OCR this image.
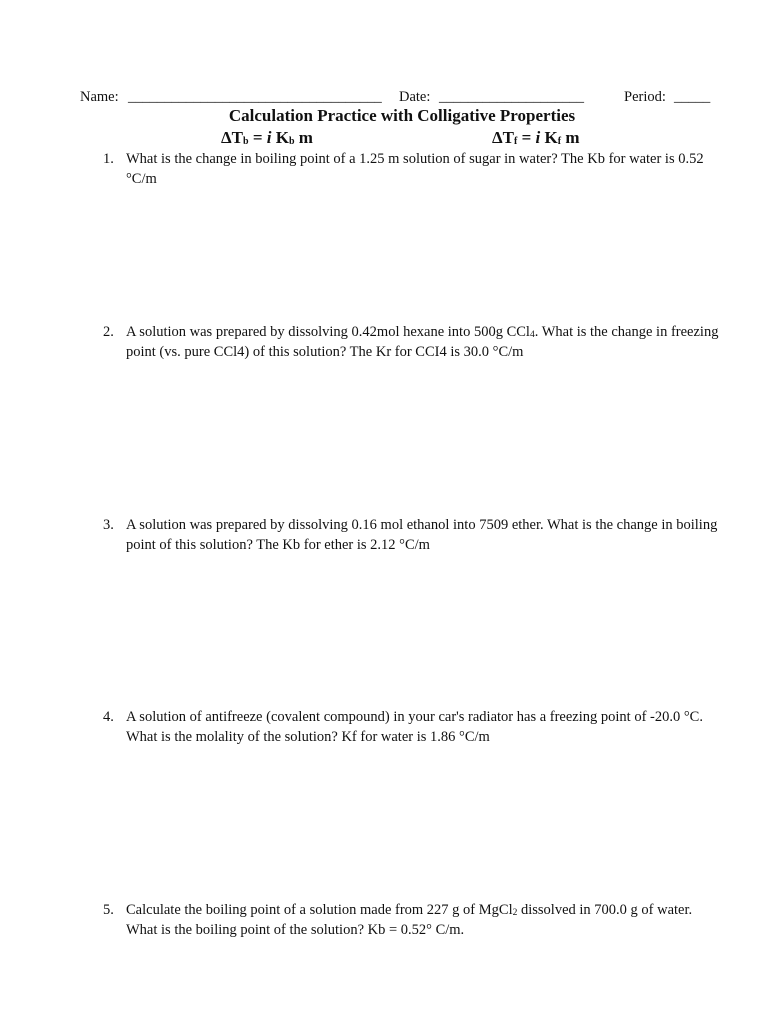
Name: ___________________________________ Date: ____________________	Period: _____
Calculation Practice with Colligative Properties
$\Delta T_b = i$ $K_b$ m	$\Delta T_f = i$ $K_f$ m
1. What is the change in boiling point of a 1.25 m solution of sugar in water? The Kb for water is 0.52 °C/m
2. A solution was prepared by dissolving 0.42mol hexane into 500g CCl$_4$. What is the change in freezing point (vs. pure CCl4) of this solution? The Kr for CCI4 is 30.0 °C/m
3. A solution was prepared by dissolving 0.16 mol ethanol into 7509 ether. What is the change in boiling point of this solution? The Kb for ether is 2.12 °C/m
4. A solution of antifreeze (covalent compound) in your car's radiator has a freezing point of -20.0 °C. What is the molality of the solution? Kf for water is 1.86 °C/m
5. Calculate the boiling point of a solution made from 227 g of MgCl$_2$ dissolved in 700.0 g of water. What is the boiling point of the solution? Kb = 0.52° C/m.
